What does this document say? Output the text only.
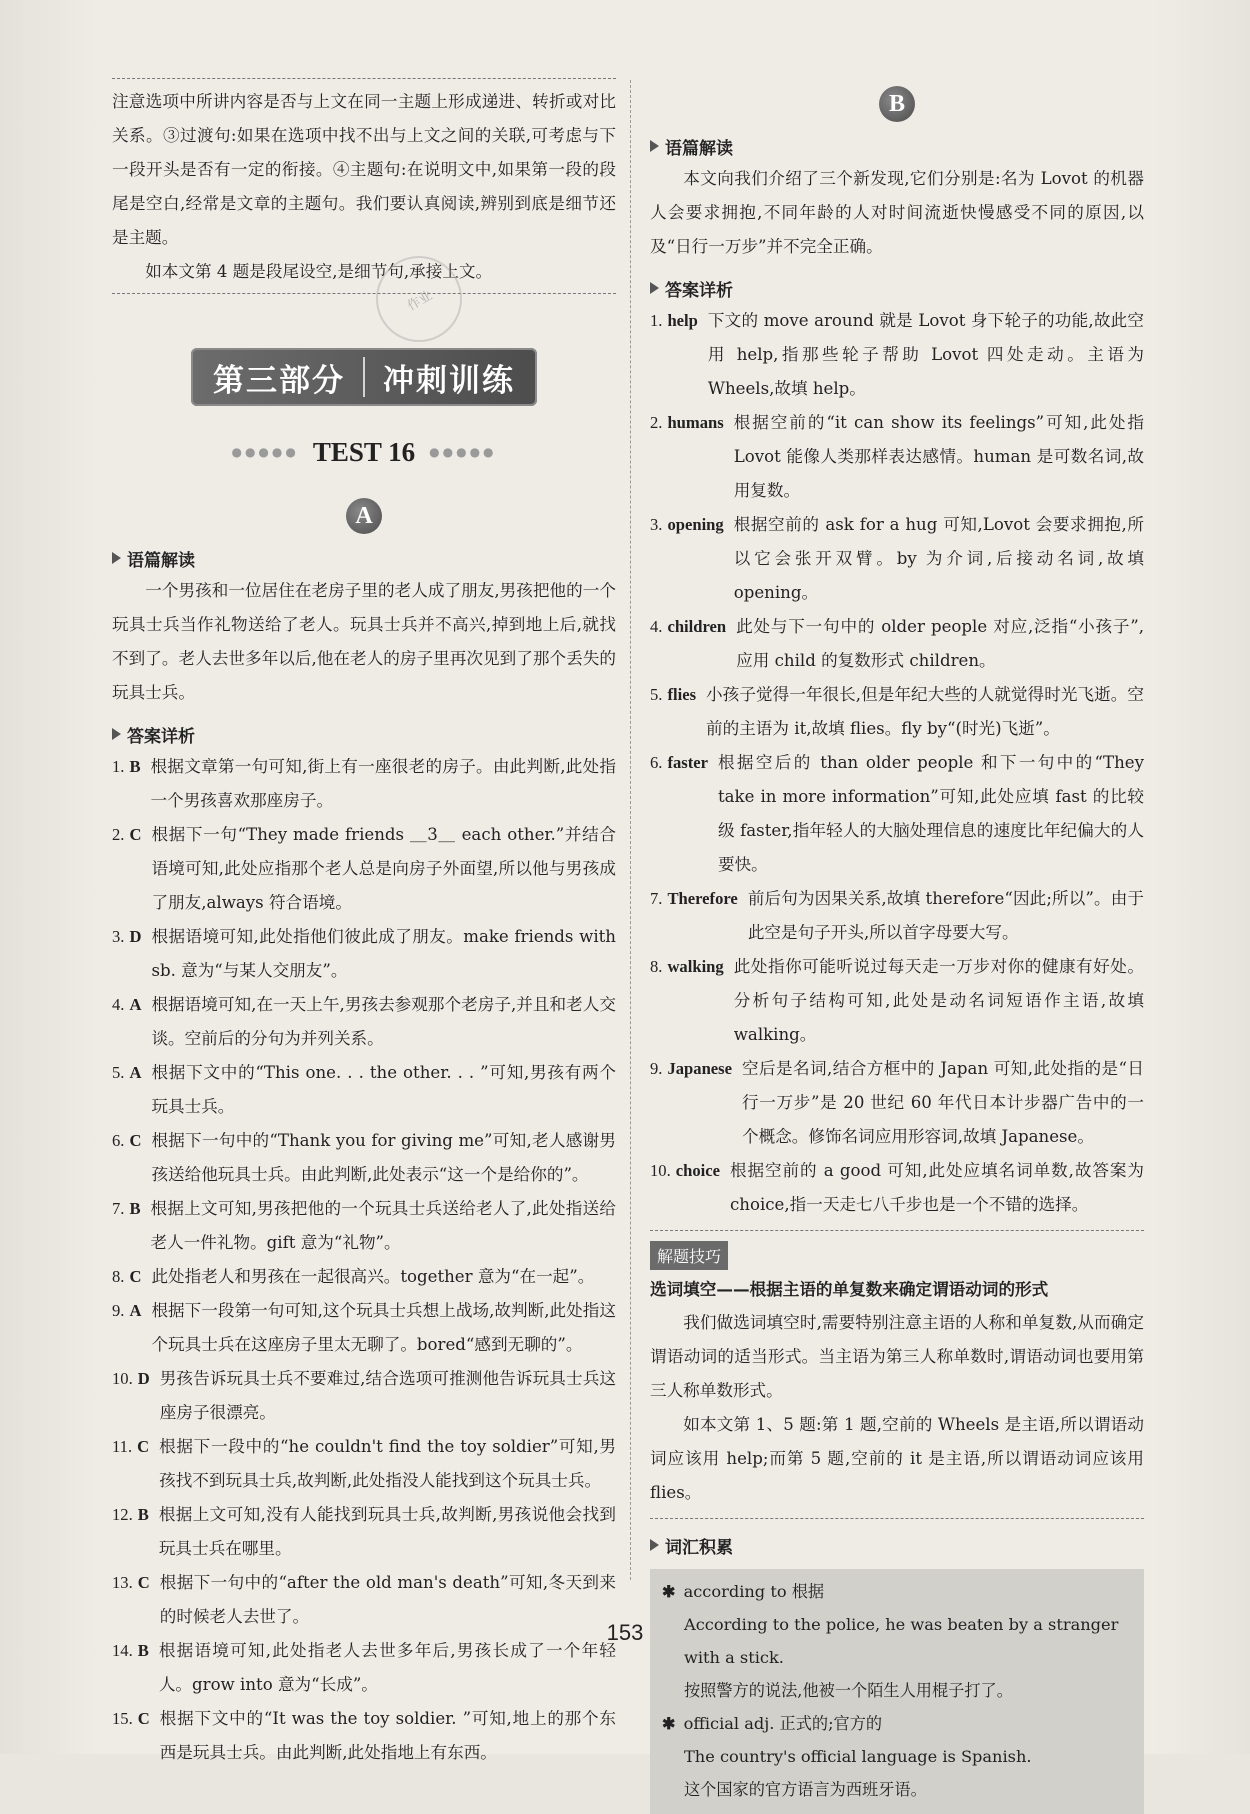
注意选项中所讲内容是否与上文在同一主题上形成递进、转折或对比关系。③过渡句:如果在选项中找不出与上文之间的关联,可考虑与下一段开头是否有一定的衔接。④主题句:在说明文中,如果第一段的段尾是空白,经常是文章的主题句。我们要认真阅读,辨别到底是细节还是主题。

如本文第 4 题是段尾设空,是细节句,承接上文。

第三部分 冲刺训练
●●●●● TEST 16 ●●●●●
A
语篇解读

一个男孩和一位居住在老房子里的老人成了朋友,男孩把他的一个玩具士兵当作礼物送给了老人。玩具士兵并不高兴,掉到地上后,就找不到了。老人去世多年以后,他在老人的房子里再次见到了那个丢失的玩具士兵。

答案详析
1. B 根据文章第一句可知,街上有一座很老的房子。由此判断,此处指一个男孩喜欢那座房子。
2. C 根据下一句“They made friends ＿3＿ each other.”并结合语境可知,此处应指那个老人总是向房子外面望,所以他与男孩成了朋友,always 符合语境。
3. D 根据语境可知,此处指他们彼此成了朋友。make friends with sb. 意为“与某人交朋友”。
4. A 根据语境可知,在一天上午,男孩去参观那个老房子,并且和老人交谈。空前后的分句为并列关系。
5. A 根据下文中的“This one. . . the other. . . ”可知,男孩有两个玩具士兵。
6. C 根据下一句中的“Thank you for giving me”可知,老人感谢男孩送给他玩具士兵。由此判断,此处表示“这一个是给你的”。
7. B 根据上文可知,男孩把他的一个玩具士兵送给老人了,此处指送给老人一件礼物。gift 意为“礼物”。
8. C 此处指老人和男孩在一起很高兴。together 意为“在一起”。
9. A 根据下一段第一句可知,这个玩具士兵想上战场,故判断,此处指这个玩具士兵在这座房子里太无聊了。bored“感到无聊的”。
10. D 男孩告诉玩具士兵不要难过,结合选项可推测他告诉玩具士兵这座房子很漂亮。
11. C 根据下一段中的“he couldn't find the toy soldier”可知,男孩找不到玩具士兵,故判断,此处指没人能找到这个玩具士兵。
12. B 根据上文可知,没有人能找到玩具士兵,故判断,男孩说他会找到玩具士兵在哪里。
13. C 根据下一句中的“after the old man's death”可知,冬天到来的时候老人去世了。
14. B 根据语境可知,此处指老人去世多年后,男孩长成了一个年轻人。grow into 意为“长成”。
15. C 根据下文中的“It was the toy soldier. ”可知,地上的那个东西是玩具士兵。由此判断,此处指地上有东西。
作业
B
语篇解读

本文向我们介绍了三个新发现,它们分别是:名为 Lovot 的机器人会要求拥抱,不同年龄的人对时间流逝快慢感受不同的原因,以及“日行一万步”并不完全正确。

答案详析
1. help 下文的 move around 就是 Lovot 身下轮子的功能,故此空用 help,指那些轮子帮助 Lovot 四处走动。主语为 Wheels,故填 help。
2. humans 根据空前的“it can show its feelings”可知,此处指 Lovot 能像人类那样表达感情。human 是可数名词,故用复数。
3. opening 根据空前的 ask for a hug 可知,Lovot 会要求拥抱,所以它会张开双臂。by 为介词,后接动名词,故填 opening。
4. children 此处与下一句中的 older people 对应,泛指“小孩子”,应用 child 的复数形式 children。
5. flies 小孩子觉得一年很长,但是年纪大些的人就觉得时光飞逝。空前的主语为 it,故填 flies。fly by“(时光)飞逝”。
6. faster 根据空后的 than older people 和下一句中的“They take in more information”可知,此处应填 fast 的比较级 faster,指年轻人的大脑处理信息的速度比年纪偏大的人要快。
7. Therefore 前后句为因果关系,故填 therefore“因此;所以”。由于此空是句子开头,所以首字母要大写。
8. walking 此处指你可能听说过每天走一万步对你的健康有好处。分析句子结构可知,此处是动名词短语作主语,故填 walking。
9. Japanese 空后是名词,结合方框中的 Japan 可知,此处指的是“日行一万步”是 20 世纪 60 年代日本计步器广告中的一个概念。修饰名词应用形容词,故填 Japanese。
10. choice 根据空前的 a good 可知,此处应填名词单数,故答案为 choice,指一天走七八千步也是一个不错的选择。
解题技巧
选词填空——根据主语的单复数来确定谓语动词的形式

我们做选词填空时,需要特别注意主语的人称和单复数,从而确定谓语动词的适当形式。当主语为第三人称单数时,谓语动词也要用第三人称单数形式。

如本文第 1、5 题:第 1 题,空前的 Wheels 是主语,所以谓语动词应该用 help;而第 5 题,空前的 it 是主语,所以谓语动词应该用 flies。

词汇积累
✱ according to 根据

According to the police, he was beaten by a stranger with a stick.

按照警方的说法,他被一个陌生人用棍子打了。

✱ official adj. 正式的;官方的

The country's official language is Spanish.

这个国家的官方语言为西班牙语。

153
